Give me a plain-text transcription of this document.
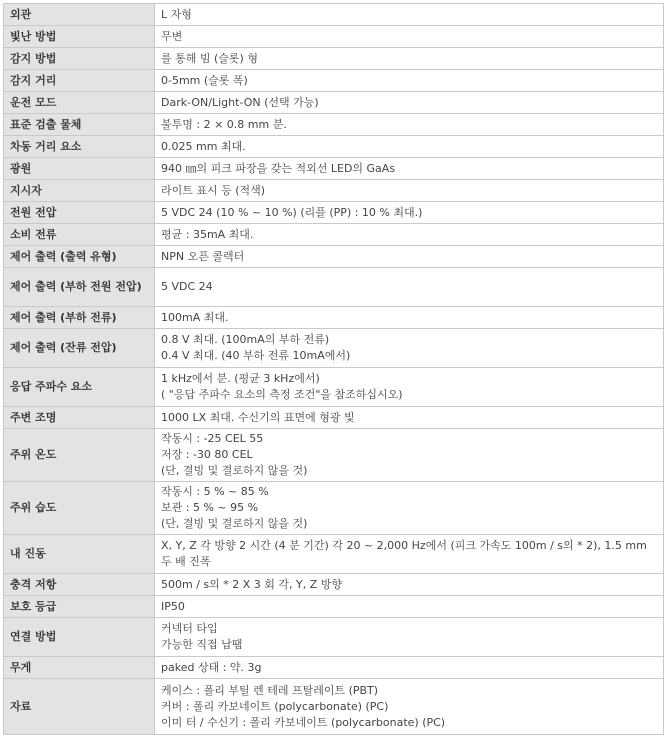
외관	L 자형
빛난 방법	무변
감지 방법	를 통해 빔 (슬롯) 형
감지 거리	0-5mm (슬롯 폭)
운전 모드	Dark-ON/Light-ON (선택 가능)
표준 검출 물체	불투명 : 2 × 0.8 mm 분.
차동 거리 요소	0.025 mm 최대.
광원	940 ㎚의 피크 파장을 갖는 적외선 LED의 GaAs
지시자	라이트 표시 등 (적색)
전원 전압	5 VDC 24 (10 % ~ 10 %) (리플 (PP) : 10 % 최대.)
소비 전류	평균 : 35mA 최대.
제어 출력 (출력 유형)	NPN 오픈 콜렉터
제어 출력 (부하 전원 전압)	5 VDC 24
제어 출력 (부하 전류)	100mA 최대.
제어 출력 (잔류 전압)	0.8 V 최대. (100mA의 부하 전류)
0.4 V 최대. (40 부하 전류 10mA에서)
응답 주파수 요소	1 kHz에서 분. (평균 3 kHz에서)
( "응답 주파수 요소의 측정 조건"을 참조하십시오)
주변 조명	1000 LX 최대. 수신기의 표면에 형광 빛
주위 온도	작동시 : -25 CEL 55
저장 : -30 80 CEL
(단, 결빙 및 결로하지 않을 것)
주위 습도	작동시 : 5 % ~ 85 %
보관 : 5 % ~ 95 %
(단, 결빙 및 결로하지 않을 것)
내 진동	X, Y, Z 각 방향 2 시간 (4 분 기간) 각 20 ~ 2,000 Hz에서 (피크 가속도 100m / s의 * 2), 1.5 mm 두 배 진폭
충격 저항	500m / s의 * 2 X 3 회 각, Y, Z 방향
보호 등급	IP50
연결 방법	커넥터 타입
가능한 직접 납땜
무게	paked 상태 : 약. 3g
자료	케이스 : 폴리 부틸 렌 테레 프탈레이트 (PBT)
커버 : 폴리 카보네이트 (polycarbonate) (PC)
이미 터 / 수신기 : 폴리 카보네이트 (polycarbonate) (PC)
